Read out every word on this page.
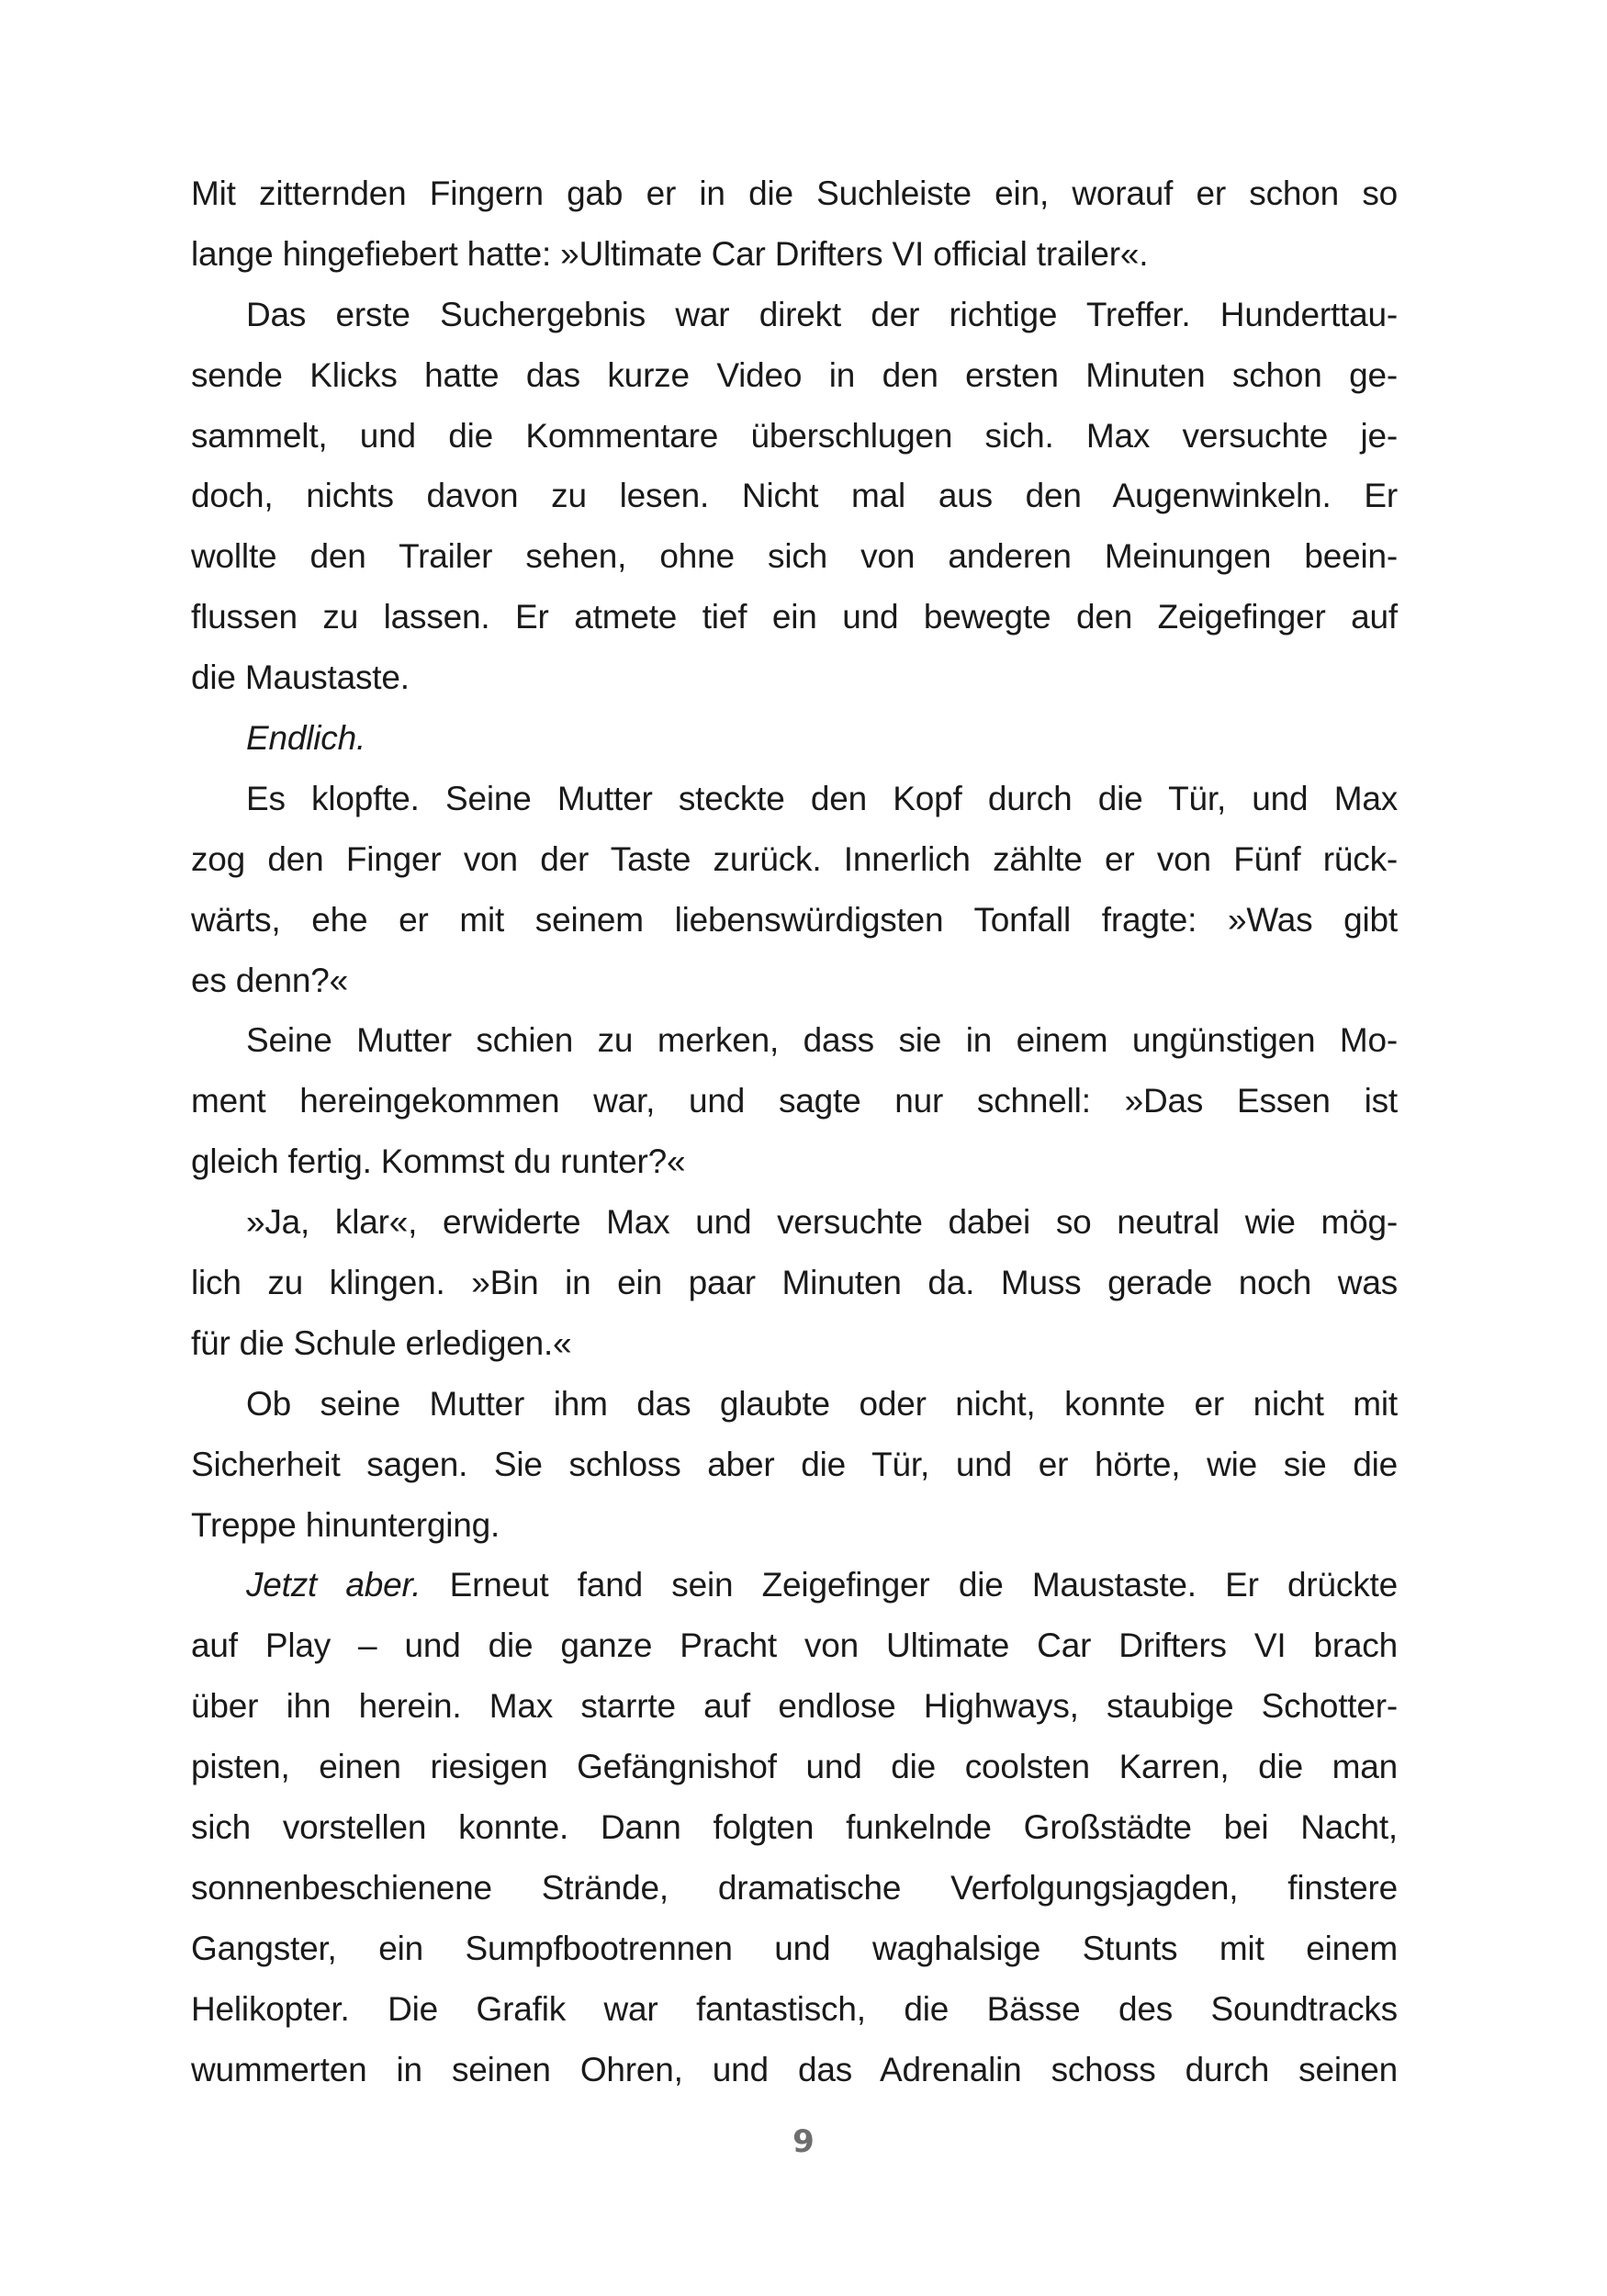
Mit zitternden Fingern gab er in die Suchleiste ein, worauf er schon so
lange hingefiebert hatte: »Ultimate Car Drifters VI official trailer«.
Das erste Suchergebnis war direkt der richtige Treffer. Hunderttau-
sende Klicks hatte das kurze Video in den ersten Minuten schon ge-
sammelt, und die Kommentare überschlugen sich. Max versuchte je-
doch, nichts davon zu lesen. Nicht mal aus den Augenwinkeln. Er
wollte den Trailer sehen, ohne sich von anderen Meinungen beein-
flussen zu lassen. Er atmete tief ein und bewegte den Zeigefinger auf
die Maustaste.
Endlich.
Es klopfte. Seine Mutter steckte den Kopf durch die Tür, und Max
zog den Finger von der Taste zurück. Innerlich zählte er von Fünf rück-
wärts, ehe er mit seinem liebenswürdigsten Tonfall fragte: »Was gibt
es denn?«
Seine Mutter schien zu merken, dass sie in einem ungünstigen Mo-
ment hereingekommen war, und sagte nur schnell: »Das Essen ist
gleich fertig. Kommst du runter?«
»Ja, klar«, erwiderte Max und versuchte dabei so neutral wie mög-
lich zu klingen. »Bin in ein paar Minuten da. Muss gerade noch was
für die Schule erledigen.«
Ob seine Mutter ihm das glaubte oder nicht, konnte er nicht mit
Sicherheit sagen. Sie schloss aber die Tür, und er hörte, wie sie die
Treppe hinunterging.
Jetzt aber. Erneut fand sein Zeigefinger die Maustaste. Er drückte
auf Play – und die ganze Pracht von Ultimate Car Drifters VI brach
über ihn herein. Max starrte auf endlose Highways, staubige Schotter-
pisten, einen riesigen Gefängnishof und die coolsten Karren, die man
sich vorstellen konnte. Dann folgten funkelnde Großstädte bei Nacht,
sonnenbeschienene Strände, dramatische Verfolgungsjagden, finstere
Gangster, ein Sumpfbootrennen und waghalsige Stunts mit einem
Helikopter. Die Grafik war fantastisch, die Bässe des Soundtracks
wummerten in seinen Ohren, und das Adrenalin schoss durch seinen
9
